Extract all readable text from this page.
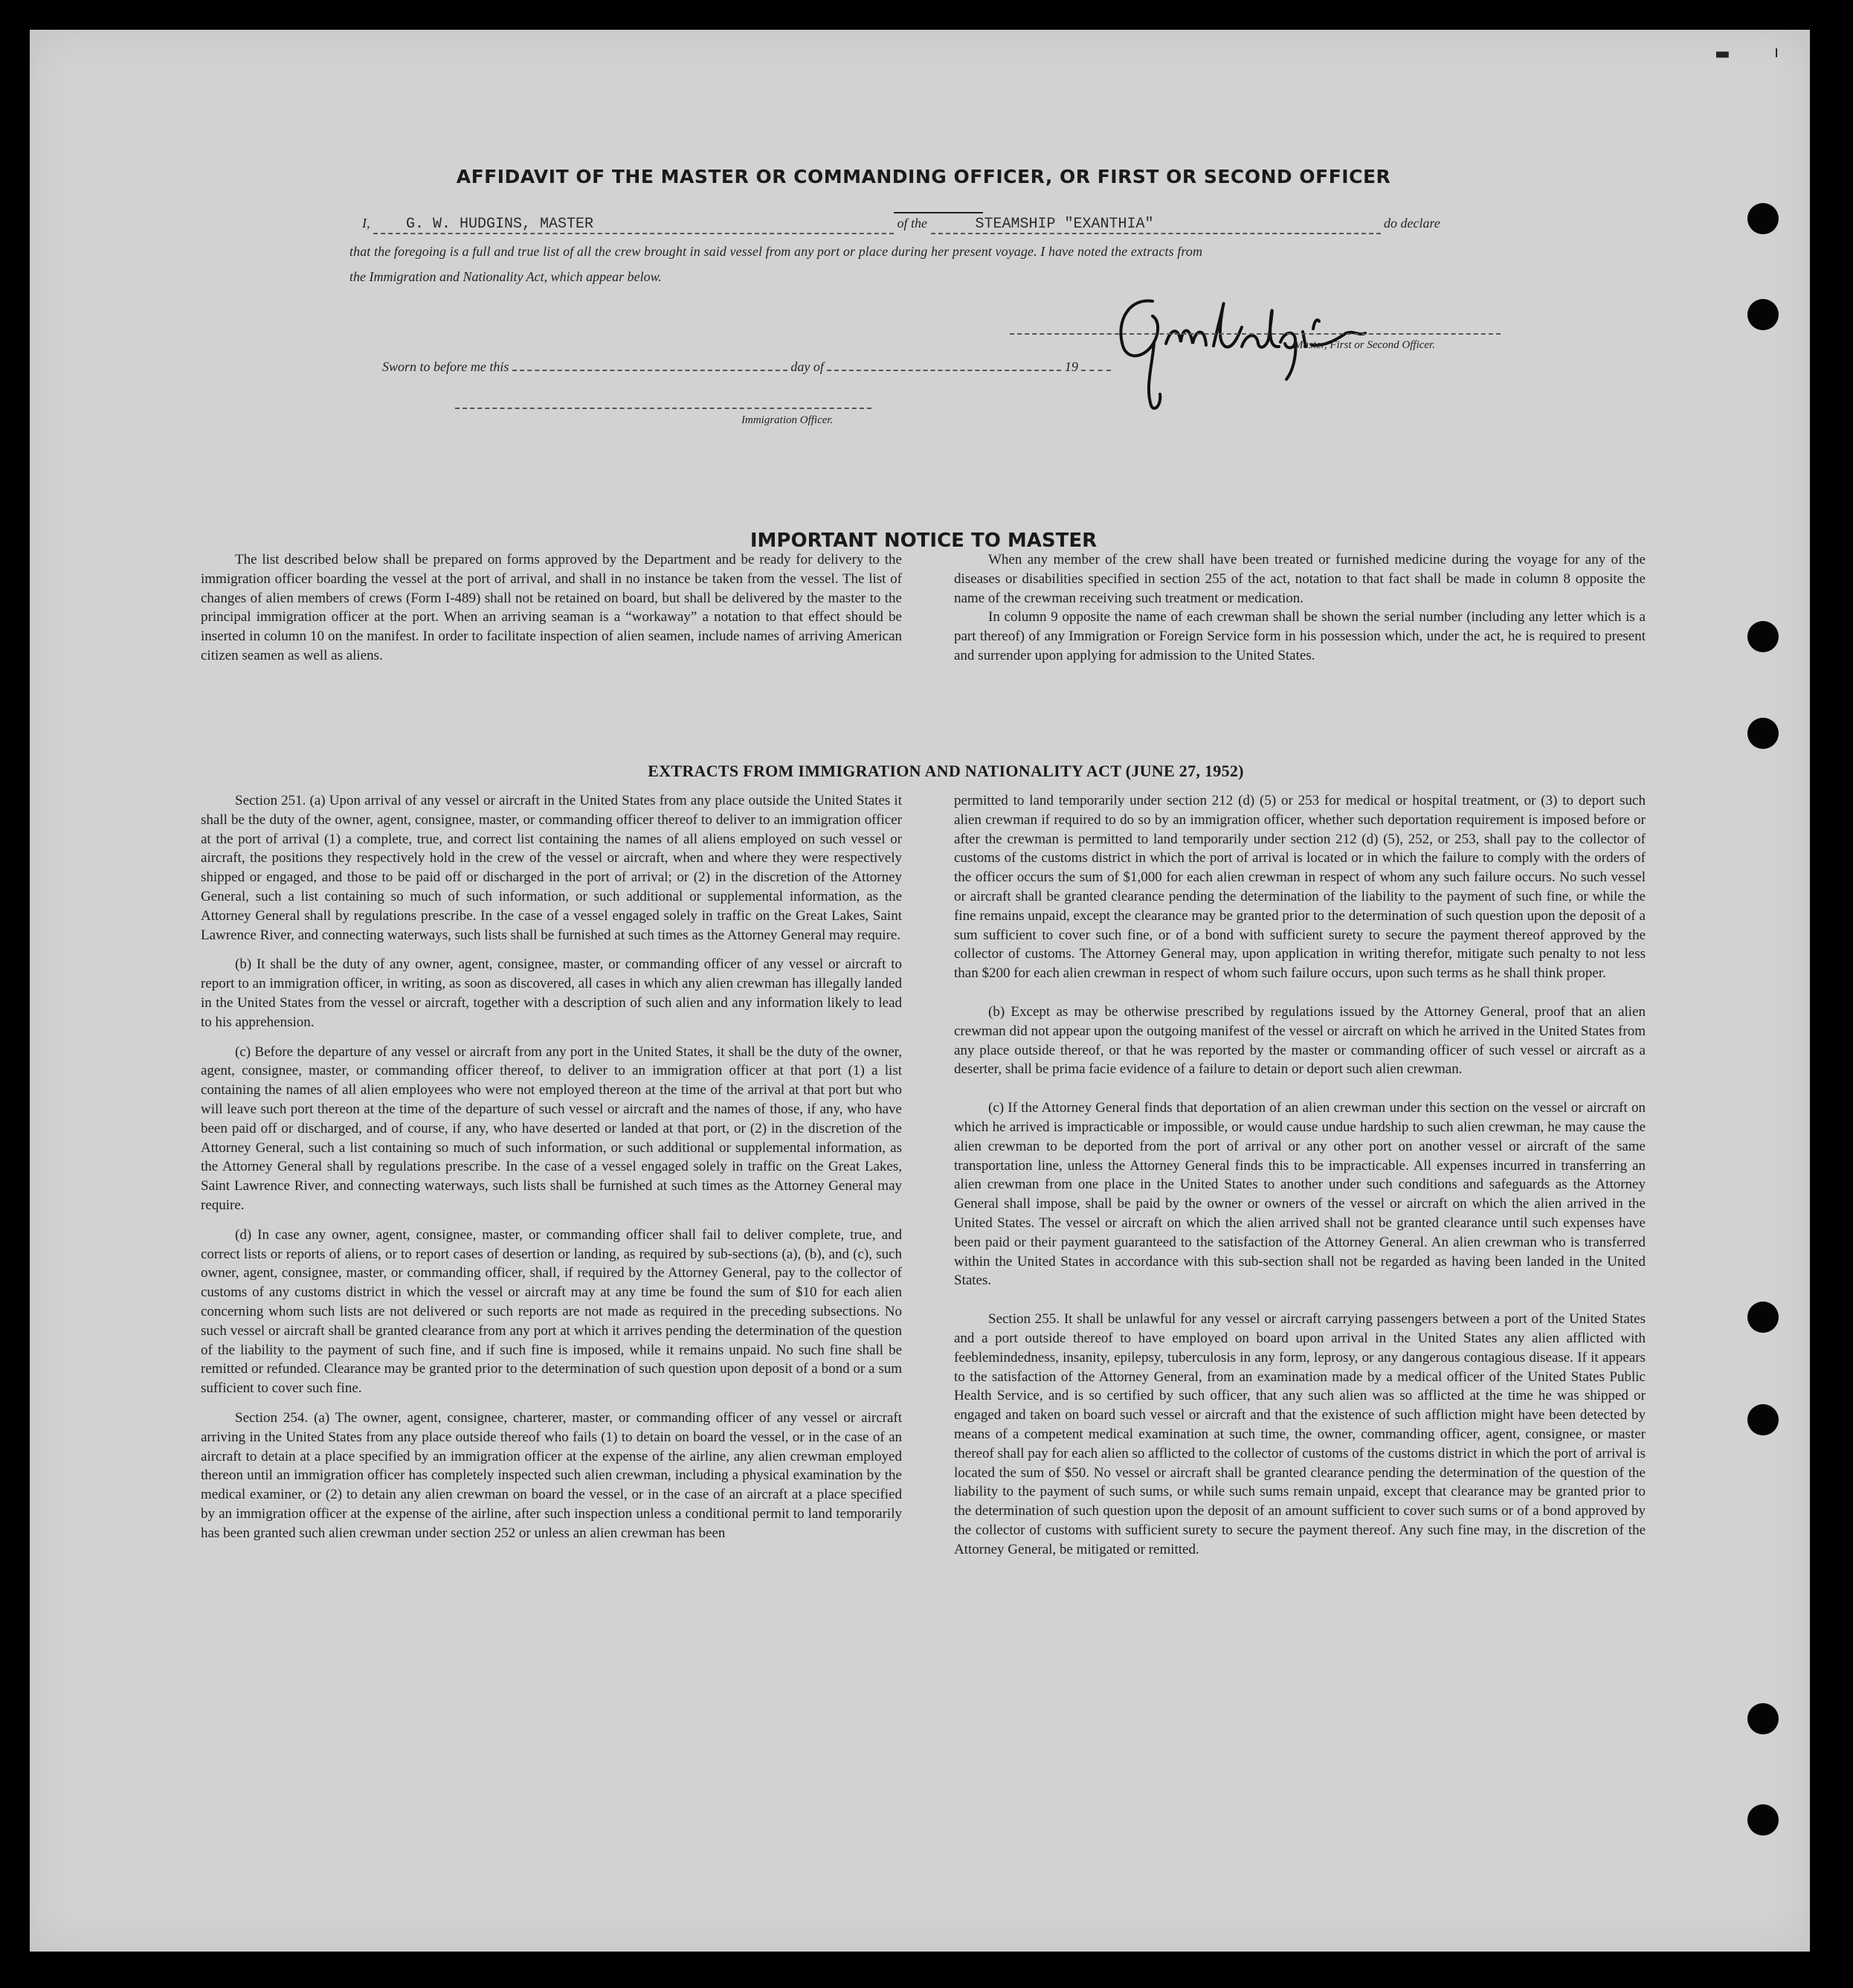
▬	ı
AFFIDAVIT OF THE MASTER OR COMMANDING OFFICER, OR FIRST OR SECOND OFFICER
I, G. W. HUDGINS, MASTER	of the	STEAMSHIP "EXANTHIA"	do declare
that the foregoing is a full and true list of all the crew brought in said vessel from any port or place during her present voyage. I have noted the extracts from
the Immigration and Nationality Act, which appear below.
Master, First or Second Officer.
Sworn to before me this	day of	19
Immigration Officer.
IMPORTANT NOTICE TO MASTER

The list described below shall be prepared on forms approved by the Department and be ready for delivery to the immigration officer boarding the vessel at the port of arrival, and shall in no instance be taken from the vessel. The list of changes of alien members of crews (Form I-489) shall not be retained on board, but shall be delivered by the master to the principal immigration officer at the port. When an arriving seaman is a “workaway” a notation to that effect should be inserted in column 10 on the manifest. In order to facilitate inspection of alien seamen, include names of arriving American citizen seamen as well as aliens.

When any member of the crew shall have been treated or furnished medicine during the voyage for any of the diseases or disabilities specified in section 255 of the act, notation to that fact shall be made in column 8 opposite the name of the crewman receiving such treatment or medication.

In column 9 opposite the name of each crewman shall be shown the serial number (including any letter which is a part thereof) of any Immigration or Foreign Service form in his possession which, under the act, he is required to present and surrender upon applying for admission to the United States.

EXTRACTS FROM IMMIGRATION AND NATIONALITY ACT (JUNE 27, 1952)

Section 251. (a) Upon arrival of any vessel or aircraft in the United States from any place outside the United States it shall be the duty of the owner, agent, consignee, master, or commanding officer thereof to deliver to an immigration officer at the port of arrival (1) a complete, true, and correct list containing the names of all aliens employed on such vessel or aircraft, the positions they respectively hold in the crew of the vessel or aircraft, when and where they were respectively shipped or engaged, and those to be paid off or discharged in the port of arrival; or (2) in the discretion of the Attorney General, such a list containing so much of such information, or such additional or supplemental information, as the Attorney General shall by regulations prescribe. In the case of a vessel engaged solely in traffic on the Great Lakes, Saint Lawrence River, and connecting waterways, such lists shall be furnished at such times as the Attorney General may require.

(b) It shall be the duty of any owner, agent, consignee, master, or commanding officer of any vessel or aircraft to report to an immigration officer, in writing, as soon as discovered, all cases in which any alien crewman has illegally landed in the United States from the vessel or aircraft, together with a description of such alien and any information likely to lead to his apprehension.

(c) Before the departure of any vessel or aircraft from any port in the United States, it shall be the duty of the owner, agent, consignee, master, or commanding officer thereof, to deliver to an immigration officer at that port (1) a list containing the names of all alien employees who were not employed thereon at the time of the arrival at that port but who will leave such port thereon at the time of the departure of such vessel or aircraft and the names of those, if any, who have been paid off or discharged, and of course, if any, who have deserted or landed at that port, or (2) in the discretion of the Attorney General, such a list containing so much of such information, or such additional or supplemental information, as the Attorney General shall by regulations prescribe. In the case of a vessel engaged solely in traffic on the Great Lakes, Saint Lawrence River, and connecting waterways, such lists shall be furnished at such times as the Attorney General may require.

(d) In case any owner, agent, consignee, master, or commanding officer shall fail to deliver complete, true, and correct lists or reports of aliens, or to report cases of desertion or landing, as required by sub-sections (a), (b), and (c), such owner, agent, consignee, master, or commanding officer, shall, if required by the Attorney General, pay to the collector of customs of any customs district in which the vessel or aircraft may at any time be found the sum of $10 for each alien concerning whom such lists are not delivered or such reports are not made as required in the preceding subsections. No such vessel or aircraft shall be granted clearance from any port at which it arrives pending the determination of the question of the liability to the payment of such fine, and if such fine is imposed, while it remains unpaid. No such fine shall be remitted or refunded. Clearance may be granted prior to the determination of such question upon deposit of a bond or a sum sufficient to cover such fine.

Section 254. (a) The owner, agent, consignee, charterer, master, or commanding officer of any vessel or aircraft arriving in the United States from any place outside thereof who fails (1) to detain on board the vessel, or in the case of an aircraft to detain at a place specified by an immigration officer at the expense of the airline, any alien crewman employed thereon until an immigration officer has completely inspected such alien crewman, including a physical examination by the medical examiner, or (2) to detain any alien crewman on board the vessel, or in the case of an aircraft at a place specified by an immigration officer at the expense of the airline, after such inspection unless a conditional permit to land temporarily has been granted such alien crewman under section 252 or unless an alien crewman has been

permitted to land temporarily under section 212 (d) (5) or 253 for medical or hospital treatment, or (3) to deport such alien crewman if required to do so by an immigration officer, whether such deportation requirement is imposed before or after the crewman is permitted to land temporarily under section 212 (d) (5), 252, or 253, shall pay to the collector of customs of the customs district in which the port of arrival is located or in which the failure to comply with the orders of the officer occurs the sum of $1,000 for each alien crewman in respect of whom any such failure occurs. No such vessel or aircraft shall be granted clearance pending the determination of the liability to the payment of such fine, or while the fine remains unpaid, except the clearance may be granted prior to the determination of such question upon the deposit of a sum sufficient to cover such fine, or of a bond with sufficient surety to secure the payment thereof approved by the collector of customs. The Attorney General may, upon application in writing therefor, mitigate such penalty to not less than $200 for each alien crewman in respect of whom such failure occurs, upon such terms as he shall think proper.

(b) Except as may be otherwise prescribed by regulations issued by the Attorney General, proof that an alien crewman did not appear upon the outgoing manifest of the vessel or aircraft on which he arrived in the United States from any place outside thereof, or that he was reported by the master or commanding officer of such vessel or aircraft as a deserter, shall be prima facie evidence of a failure to detain or deport such alien crewman.

(c) If the Attorney General finds that deportation of an alien crewman under this section on the vessel or aircraft on which he arrived is impracticable or impossible, or would cause undue hardship to such alien crewman, he may cause the alien crewman to be deported from the port of arrival or any other port on another vessel or aircraft of the same transportation line, unless the Attorney General finds this to be impracticable. All expenses incurred in transferring an alien crewman from one place in the United States to another under such conditions and safeguards as the Attorney General shall impose, shall be paid by the owner or owners of the vessel or aircraft on which the alien arrived in the United States. The vessel or aircraft on which the alien arrived shall not be granted clearance until such expenses have been paid or their payment guaranteed to the satisfaction of the Attorney General. An alien crewman who is transferred within the United States in accordance with this sub-section shall not be regarded as having been landed in the United States.

Section 255. It shall be unlawful for any vessel or aircraft carrying passengers between a port of the United States and a port outside thereof to have employed on board upon arrival in the United States any alien afflicted with feeblemindedness, insanity, epilepsy, tuberculosis in any form, leprosy, or any dangerous contagious disease. If it appears to the satisfaction of the Attorney General, from an examination made by a medical officer of the United States Public Health Service, and is so certified by such officer, that any such alien was so afflicted at the time he was shipped or engaged and taken on board such vessel or aircraft and that the existence of such affliction might have been detected by means of a competent medical examination at such time, the owner, commanding officer, agent, consignee, or master thereof shall pay for each alien so afflicted to the collector of customs of the customs district in which the port of arrival is located the sum of $50. No vessel or aircraft shall be granted clearance pending the determination of the question of the liability to the payment of such sums, or while such sums remain unpaid, except that clearance may be granted prior to the determination of such question upon the deposit of an amount sufficient to cover such sums or of a bond approved by the collector of customs with sufficient surety to secure the payment thereof. Any such fine may, in the discretion of the Attorney General, be mitigated or remitted.
